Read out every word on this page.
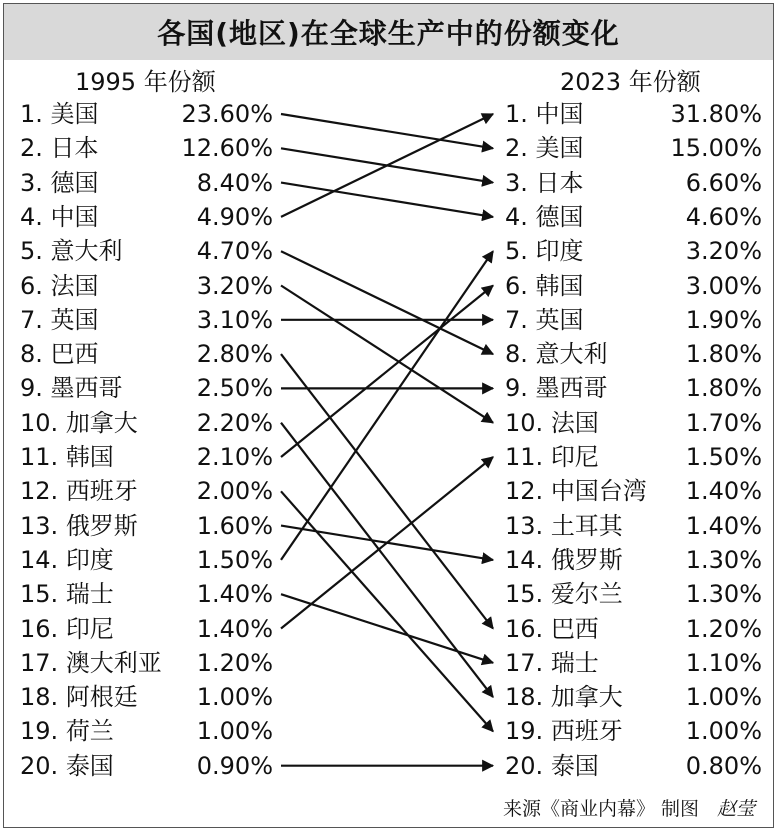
各国(地区)在全球生产中的份额变化
1995 年份额	2023 年份额
1. 美国	23.60%
2. 日本	12.60%
3. 德国	8.40%
4. 中国	4.90%
5. 意大利	4.70%
6. 法国	3.20%
7. 英国	3.10%
8. 巴西	2.80%
9. 墨西哥	2.50%
10. 加拿大 2.20%
11. 韩国	2.10%
12. 西班牙 2.00%
13. 俄罗斯 1.60%
14. 印度	1.50%
15. 瑞士	1.40%
16. 印尼	1.40%
17. 澳大利亚 1.20%
18. 阿根廷 1.00%
19. 荷兰	1.00%
20. 泰国	0.90%
1. 中国	31.80%
2. 美国	15.00%
3. 日本	6.60%
4. 德国	4.60%
5. 印度	3.20%
6. 韩国	3.00%
7. 英国	1.90%
8. 意大利	1.80%
9. 墨西哥	1.80%
10. 法国	1.70%
11. 印尼	1.50%
12. 中国台湾 1.40%
13. 土耳其	1.40%
14. 俄罗斯	1.30%
15. 爱尔兰	1.30%
16. 巴西	1.20%
17. 瑞士	1.10%
18. 加拿大	1.00%
19. 西班牙	1.00%
20. 泰国	0.80%
来源《商业内幕》 制图 赵莹
